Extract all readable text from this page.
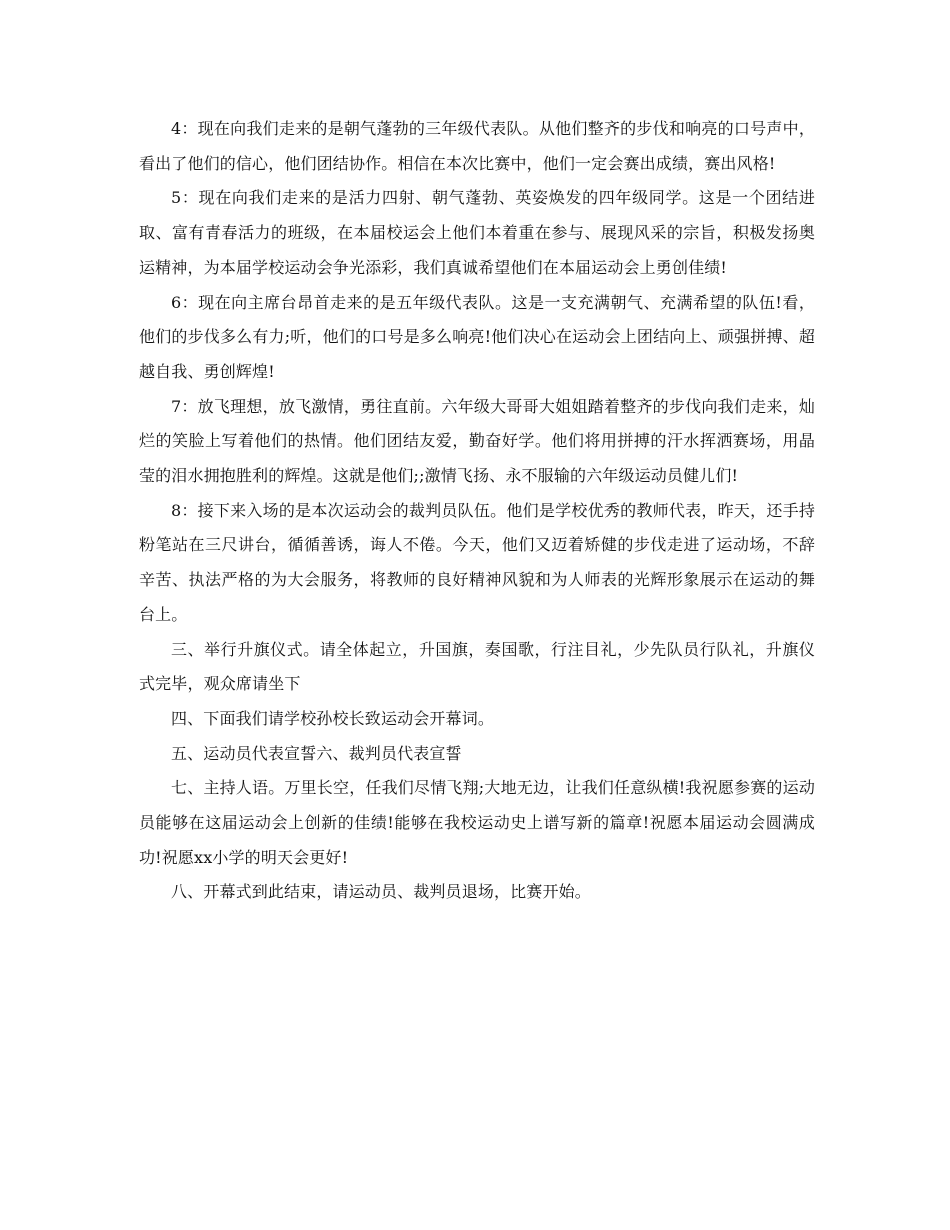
4：现在向我们走来的是朝气蓬勃的三年级代表队。从他们整齐的步伐和响亮的口号声中，看出了他们的信心，他们团结协作。相信在本次比赛中，他们一定会赛出成绩，赛出风格!

5：现在向我们走来的是活力四射、朝气蓬勃、英姿焕发的四年级同学。这是一个团结进取、富有青春活力的班级，在本届校运会上他们本着重在参与、展现风采的宗旨，积极发扬奥运精神，为本届学校运动会争光添彩，我们真诚希望他们在本届运动会上勇创佳绩!

6：现在向主席台昂首走来的是五年级代表队。这是一支充满朝气、充满希望的队伍!看，他们的步伐多么有力;听，他们的口号是多么响亮!他们决心在运动会上团结向上、顽强拼搏、超越自我、勇创辉煌!

7：放飞理想，放飞激情，勇往直前。六年级大哥哥大姐姐踏着整齐的步伐向我们走来，灿烂的笑脸上写着他们的热情。他们团结友爱，勤奋好学。他们将用拼搏的汗水挥洒赛场，用晶莹的泪水拥抱胜利的辉煌。这就是他们;;激情飞扬、永不服输的六年级运动员健儿们!

8：接下来入场的是本次运动会的裁判员队伍。他们是学校优秀的教师代表，昨天，还手持粉笔站在三尺讲台，循循善诱，诲人不倦。今天，他们又迈着矫健的步伐走进了运动场，不辞辛苦、执法严格的为大会服务，将教师的良好精神风貌和为人师表的光辉形象展示在运动的舞台上。

三、举行升旗仪式。请全体起立，升国旗，奏国歌，行注目礼，少先队员行队礼，升旗仪式完毕，观众席请坐下

四、下面我们请学校孙校长致运动会开幕词。

五、运动员代表宣誓六、裁判员代表宣誓

七、主持人语。万里长空，任我们尽情飞翔;大地无边，让我们任意纵横!我祝愿参赛的运动员能够在这届运动会上创新的佳绩!能够在我校运动史上谱写新的篇章!祝愿本届运动会圆满成功!祝愿xx小学的明天会更好!

八、开幕式到此结束，请运动员、裁判员退场，比赛开始。
